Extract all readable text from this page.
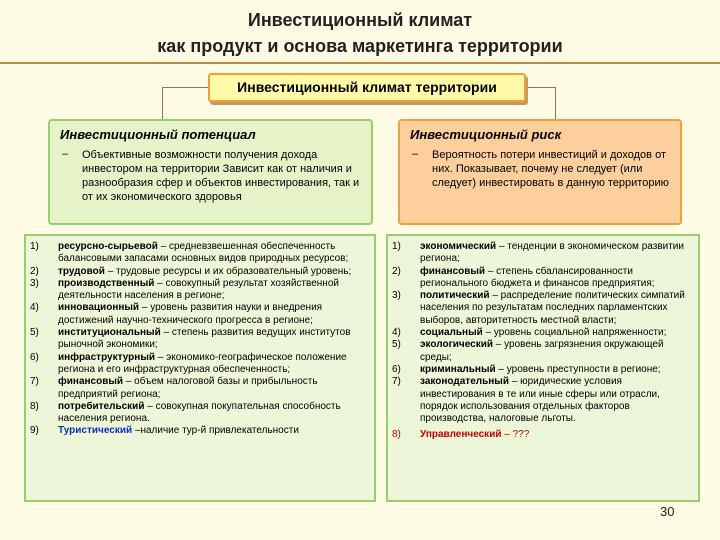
Инвестиционный климат
как продукт и основа маркетинга территории
Инвестиционный климат территории
Инвестиционный потенциал
– Объективные возможности получения дохода инвестором на территории Зависит как от наличия и разнообразия сфер и объектов инвестирования, так и от их экономического здоровья
Инвестиционный риск
– Вероятность потери инвестиций и доходов от них. Показывает, почему не следует (или следует) инвестировать в данную территорию
1)	ресурсно-сырьевой – средневзвешенная обеспеченность балансовыми запасами основных видов природных ресурсов;
2)	трудовой – трудовые ресурсы и их образовательный уровень;
3)	производственный – совокупный результат хозяйственной деятельности населения в регионе;
4)	инновационный – уровень развития науки и внедрения достижений научно-технического прогресса в регионе;
5)	институциональный – степень развития ведущих институтов рыночной экономики;
6)	инфраструктурный – экономико-географическое положение региона и его инфраструктурная обеспеченность;
7)	финансовый – объем налоговой базы и прибыльность предприятий региона;
8)	потребительский – совокупная покупательная способность населения региона.
9)	Туристический –наличие тур-й привлекательности
1)	экономический – тенденции в экономическом развитии региона;
2)	финансовый – степень сбалансированности регионального бюджета и финансов предприятия;
3)	политический – распределение политических симпатий населения по результатам последних парламентских выборов, авторитетность местной власти;
4)	социальный – уровень социальной напряженности;
5)	экологический – уровень загрязнения окружающей среды;
6)	криминальный – уровень преступности в регионе;
7)	законодательный – юридические условия инвестирования в те или иные сферы или отрасли, порядок использования отдельных факторов производства, налоговые льготы.
8)	Управленческий – ???
30
